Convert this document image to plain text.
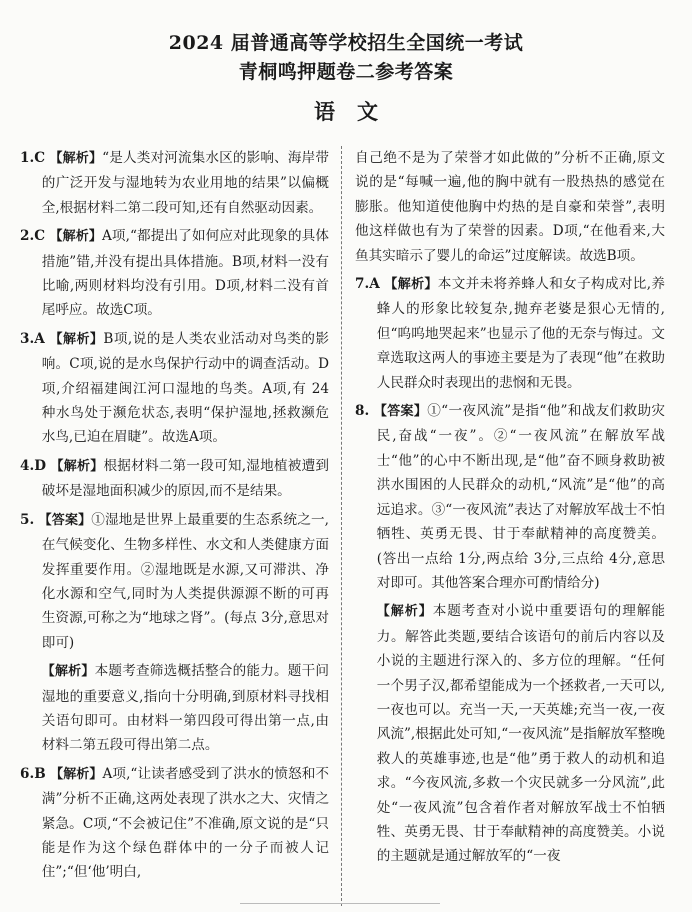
2024 届普通高等学校招生全国统一考试
青桐鸣押题卷二参考答案
语文

1.C 【解析】“是人类对河流集水区的影响、海岸带的广泛开发与湿地转为农业用地的结果”以偏概全,根据材料二第二段可知,还有自然驱动因素。

2.C 【解析】A项,“都提出了如何应对此现象的具体措施”错,并没有提出具体措施。B项,材料一没有比喻,两则材料均没有引用。D项,材料二没有首尾呼应。故选C项。

3.A 【解析】B项,说的是人类农业活动对鸟类的影响。C项,说的是水鸟保护行动中的调查活动。D项,介绍福建闽江河口湿地的鸟类。A项,有 24 种水鸟处于濒危状态,表明“保护湿地,拯救濒危水鸟,已迫在眉睫”。故选A项。

4.D 【解析】根据材料二第一段可知,湿地植被遭到破坏是湿地面积减少的原因,而不是结果。

5. 【答案】①湿地是世界上最重要的生态系统之一,在气候变化、生物多样性、水文和人类健康方面发挥重要作用。②湿地既是水源,又可滞洪、净化水源和空气,同时为人类提供源源不断的可再生资源,可称之为“地球之肾”。(每点 3分,意思对即可)

【解析】本题考查筛选概括整合的能力。题干问湿地的重要意义,指向十分明确,到原材料寻找相关语句即可。由材料一第四段可得出第一点,由材料二第五段可得出第二点。

6.B 【解析】A项,“让读者感受到了洪水的愤怒和不满”分析不正确,这两处表现了洪水之大、灾情之紧急。C项,“不会被记住”不准确,原文说的是“只能是作为这个绿色群体中的一分子而被人记住”;“但‘他’明白,

自己绝不是为了荣誉才如此做的”分析不正确,原文说的是“每喊一遍,他的胸中就有一股热热的感觉在膨胀。他知道使他胸中灼热的是自豪和荣誉”,表明他这样做也有为了荣誉的因素。D项,“在他看来,大鱼其实暗示了婴儿的命运”过度解读。故选B项。

7.A 【解析】本文并未将养蜂人和女子构成对比,养蜂人的形象比较复杂,抛弃老婆是狠心无情的,但“呜呜地哭起来”也显示了他的无奈与悔过。文章选取这两人的事迹主要是为了表现“他”在救助人民群众时表现出的悲悯和无畏。

8. 【答案】①“一夜风流”是指“他”和战友们救助灾民,奋战“一夜”。②“一夜风流”在解放军战士“他”的心中不断出现,是“他”奋不顾身救助被洪水围困的人民群众的动机,“风流”是“他”的高远追求。③“一夜风流”表达了对解放军战士不怕牺牲、英勇无畏、甘于奉献精神的高度赞美。(答出一点给 1分,两点给 3分,三点给 4分,意思对即可。其他答案合理亦可酌情给分)

【解析】本题考查对小说中重要语句的理解能力。解答此类题,要结合该语句的前后内容以及小说的主题进行深入的、多方位的理解。“任何一个男子汉,都希望能成为一个拯救者,一天可以,一夜也可以。充当一天,一天英雄;充当一夜,一夜风流”,根据此处可知,“一夜风流”是指解放军整晚救人的英雄事迹,也是“他”勇于救人的动机和追求。“今夜风流,多救一个灾民就多一分风流”,此处“一夜风流”包含着作者对解放军战士不怕牺牲、英勇无畏、甘于奉献精神的高度赞美。小说的主题就是通过解放军的“一夜
